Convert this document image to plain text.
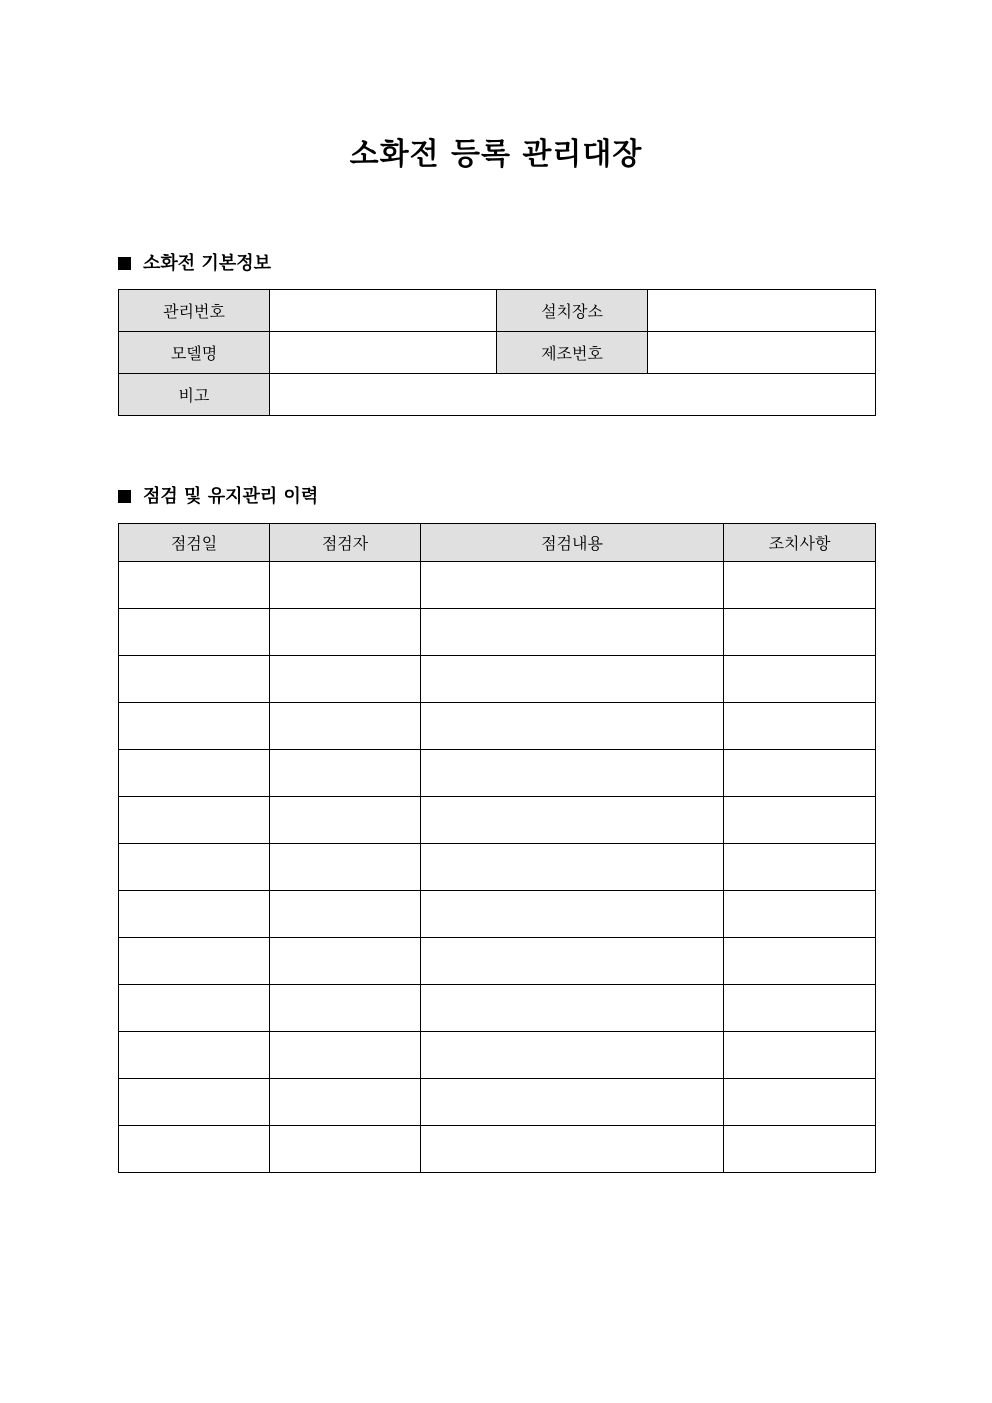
소화전 등록 관리대장
소화전 기본정보
관리번호		설치장소	
모델명		제조번호	
비고			
점검 및 유지관리 이력
점검일	점검자	점검내용	조치사항
